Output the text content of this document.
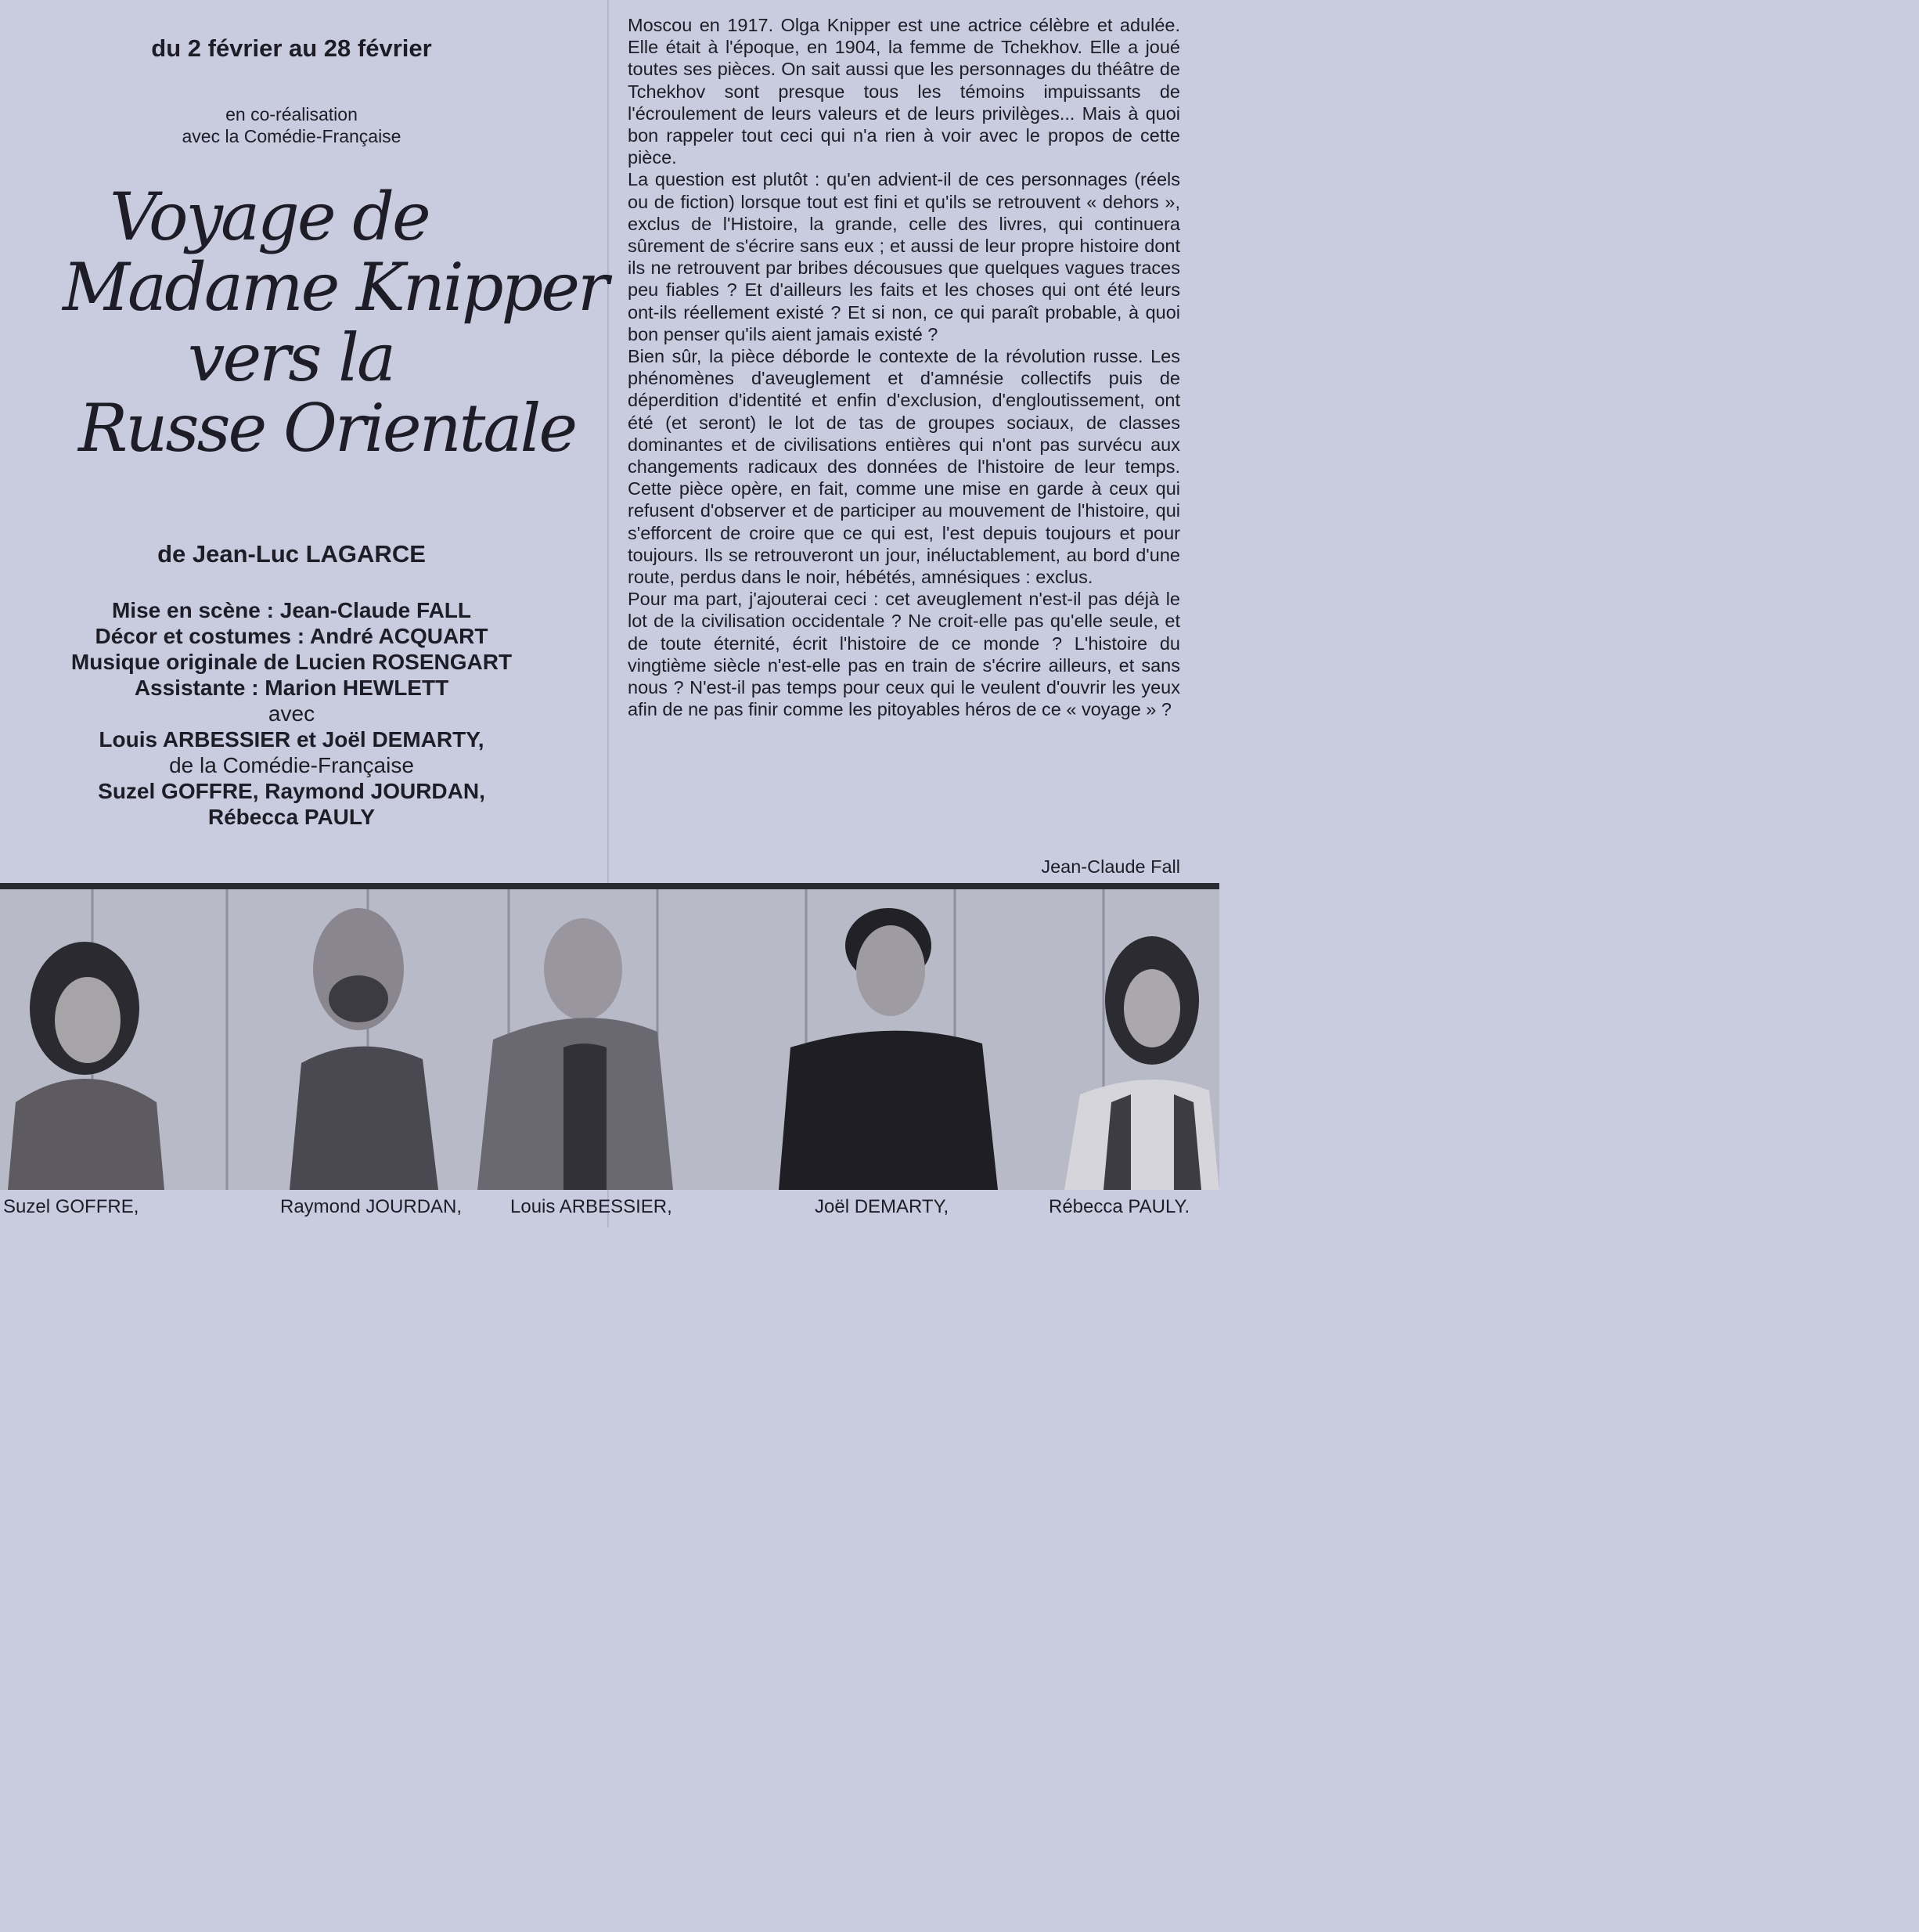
du 2 février au 28 février
en co-réalisation
avec la Comédie-Française
Voyage de
Madame Knipper
vers la
Russe Orientale
de Jean-Luc LAGARCE
Mise en scène : Jean-Claude FALL
Décor et costumes : André ACQUART
Musique originale de Lucien ROSENGART
Assistante : Marion HEWLETT
avec
Louis ARBESSIER et Joël DEMARTY,
de la Comédie-Française
Suzel GOFFRE, Raymond JOURDAN,
Rébecca PAULY

Moscou en 1917. Olga Knipper est une actrice célèbre et adulée. Elle était à l'époque, en 1904, la femme de Tchekhov. Elle a joué toutes ses pièces. On sait aussi que les personnages du théâtre de Tchekhov sont presque tous les témoins impuissants de l'écroulement de leurs valeurs et de leurs privilèges... Mais à quoi bon rappeler tout ceci qui n'a rien à voir avec le propos de cette pièce.

La question est plutôt : qu'en advient-il de ces personnages (réels ou de fiction) lorsque tout est fini et qu'ils se retrouvent « dehors », exclus de l'Histoire, la grande, celle des livres, qui continuera sûrement de s'écrire sans eux ; et aussi de leur propre histoire dont ils ne retrouvent par bribes décousues que quelques vagues traces peu fiables ? Et d'ailleurs les faits et les choses qui ont été leurs ont-ils réellement existé ? Et si non, ce qui paraît probable, à quoi bon penser qu'ils aient jamais existé ?

Bien sûr, la pièce déborde le contexte de la révolution russe. Les phénomènes d'aveuglement et d'amnésie collectifs puis de déperdition d'identité et enfin d'exclusion, d'engloutissement, ont été (et seront) le lot de tas de groupes sociaux, de classes dominantes et de civilisations entières qui n'ont pas survécu aux changements radicaux des données de l'histoire de leur temps. Cette pièce opère, en fait, comme une mise en garde à ceux qui refusent d'observer et de participer au mouvement de l'histoire, qui s'efforcent de croire que ce qui est, l'est depuis toujours et pour toujours. Ils se retrouveront un jour, inéluctablement, au bord d'une route, perdus dans le noir, hébétés, amnésiques : exclus.

Pour ma part, j'ajouterai ceci : cet aveuglement n'est-il pas déjà le lot de la civilisation occidentale ? Ne croit-elle pas qu'elle seule, et de toute éternité, écrit l'histoire de ce monde ? L'histoire du vingtième siècle n'est-elle pas en train de s'écrire ailleurs, et sans nous ? N'est-il pas temps pour ceux qui le veulent d'ouvrir les yeux afin de ne pas finir comme les pitoyables héros de ce « voyage » ?

Jean-Claude Fall
Suzel GOFFRE,	Raymond JOURDAN,	Louis ARBESSIER,	Joël DEMARTY,	Rébecca PAULY.
